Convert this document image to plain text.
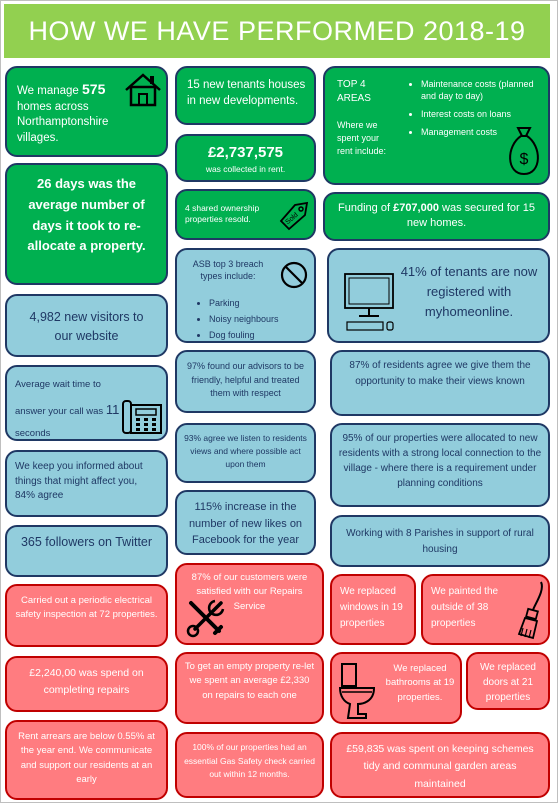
HOW WE HAVE PERFORMED 2018-19
We manage 575 homes across Northamptonshire villages.
15 new tenants houses in new developments.
TOP 4 AREAS
Where we spent your rent include:
• Maintenance costs (planned and day to day)
• Interest costs on loans
• Management costs
$
£2,737,575
was collected in rent.
26 days was the average number of days it took to re-allocate a property.
4 shared ownership properties resold.	Sold
Funding of £707,000 was secured for 15 new homes.
ASB top 3 breach types include:
• Parking
• Noisy neighbours
• Dog fouling
41% of tenants are now registered with myhomeonline.
4,982 new visitors to our website
97% found our advisors to be friendly, helpful and treated them with respect
87% of residents agree we give them the opportunity to make their views known
Average wait time to answer your call was 11 seconds	93% agree we listen to residents views and where possible act upon them
95% of our properties were allocated to new residents with a strong local connection to the village - where there is a requirement under planning conditions
We keep you informed about things that might affect you, 84% agree
115% increase in the number of new likes on Facebook for the year
Working with 8 Parishes in support of rural housing
365 followers on Twitter
87% of our customers were satisfied with our Repairs Service
Carried out a periodic electrical safety inspection at 72 properties.
We replaced windows in 19 properties
We painted the outside of 38 properties
£2,240,00 was spend on completing repairs
To get an empty property re-let we spent an average £2,330 on repairs to each one
We replaced bathrooms at 19 properties.
We replaced doors at 21 properties
Rent arrears are below 0.55% at the year end. We communicate and support our residents at an early
100% of our properties had an essential Gas Safety check carried out within 12 months.
£59,835 was spent on keeping schemes tidy and communal garden areas maintained
